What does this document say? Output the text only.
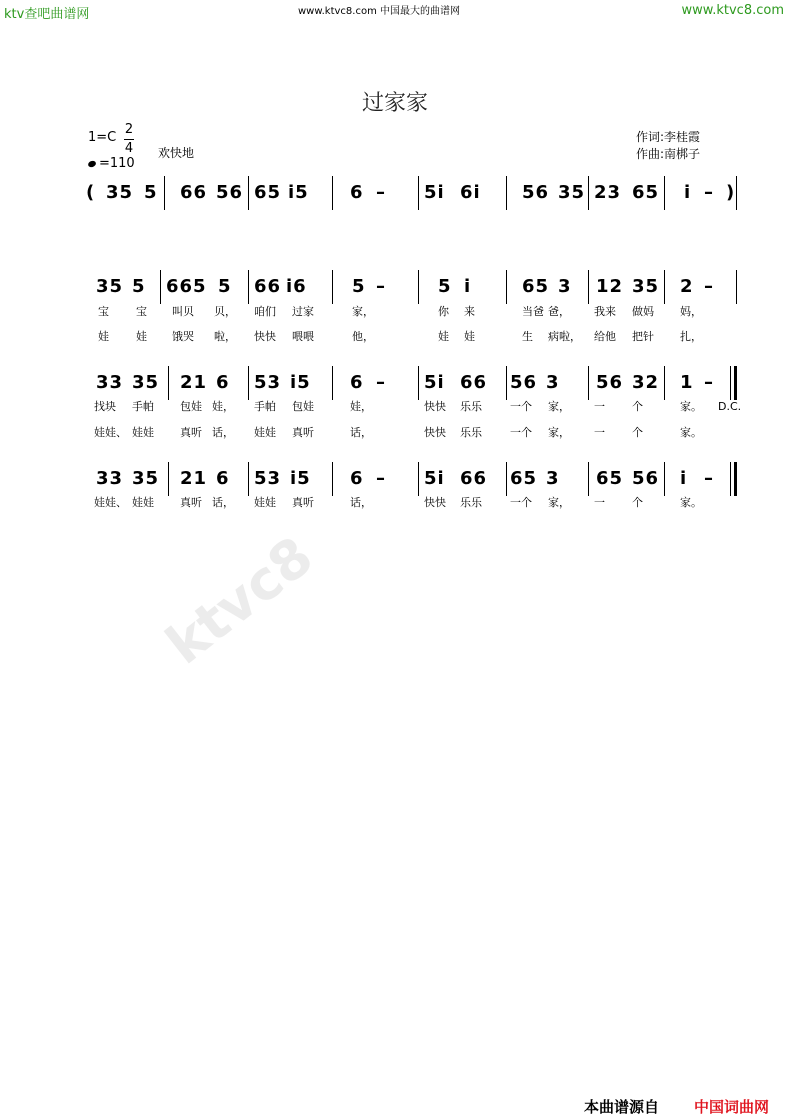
ktv查吧曲谱网	www.ktvc8.com 中国最大的曲谱网	www.ktvc8.com
过家家
1=C
2
4
=110
欢快地
作词:李桂霞
作曲:南梆子
ktvc8
( 35 5 66 56 65 i5 6 – 5i 6i 56 35 23 65 i – )
35 5 665 5 66 i6	5 –	5 i	65 3 12 35 2 –
宝 宝 叫贝 贝， 咱们 过家	家，	你 来	当爸 爸， 我来 做妈 妈，
娃 娃 饿哭 啦， 快快 喂喂	他，	娃 娃	生 病啦， 给他 把针 扎，
33 35 21 6 53 i5 6 – 5i 66 56 3 56 32 1 –
D.C.
找块 手帕 包娃 娃， 手帕 包娃	娃，	快快 乐乐	一个 家， 一 个	家。
娃娃、 娃娃 真听 话， 娃娃 真听	话，	快快 乐乐	一个 家， 一 个	家。
33 35 21 6 53 i5 6 – 5i 66 65 3 65 56 i –
娃娃、 娃娃 真听 话， 娃娃 真听	话，	快快 乐乐	一个 家， 一 个	家。
本曲谱源自 中国词曲网
